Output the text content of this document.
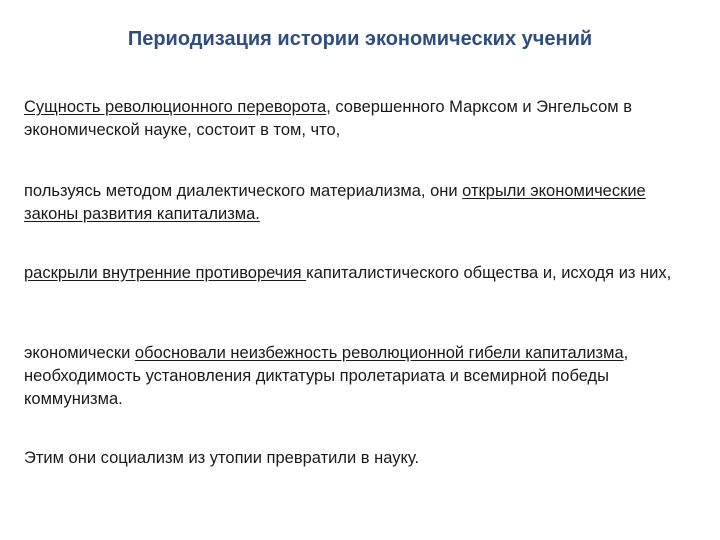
Периодизация истории экономических учений
Сущность революционного переворота, совершенного Марксом и Энгельсом в экономической науке, состоит в том, что,
пользуясь методом диалектического материализма, они открыли экономические законы развития капитализма.
раскрыли внутренние противоречия капиталистического общества и, исходя из них,
экономически обосновали неизбежность революционной гибели капитализма, необходимость установления диктатуры пролетариата и всемирной победы коммунизма.
Этим они социализм из утопии превратили в науку.
